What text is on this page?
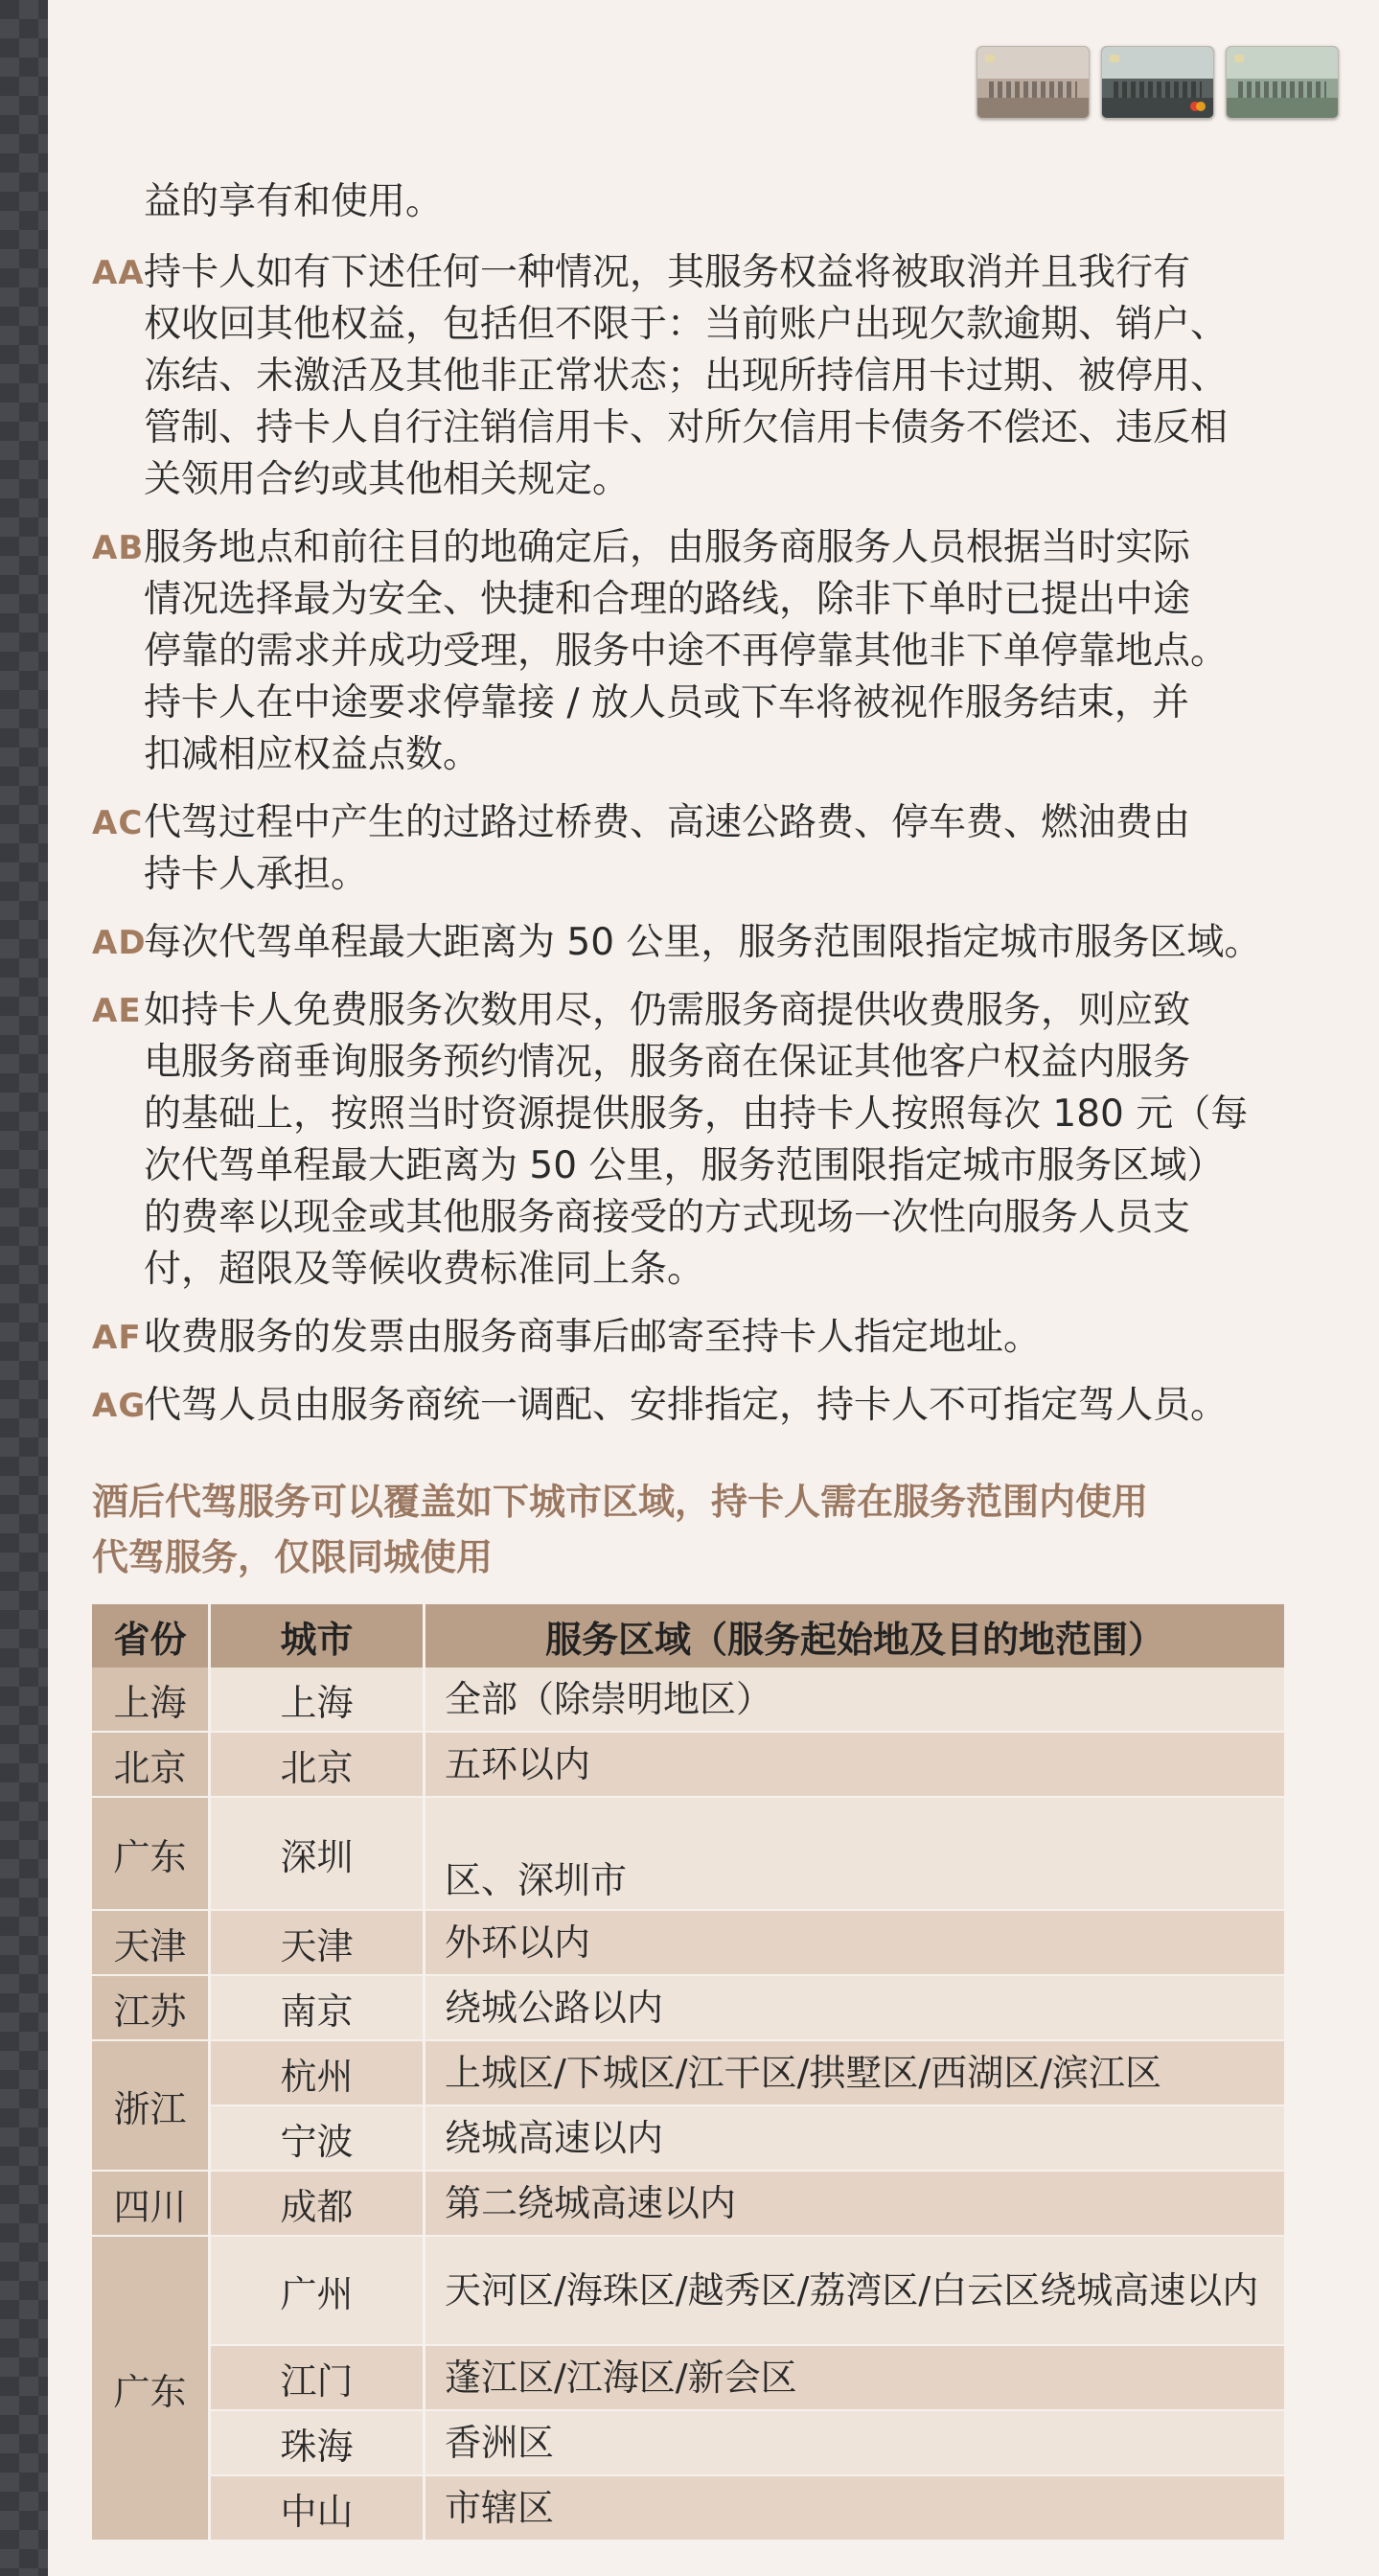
益的享有和使用。

AA 持卡人如有下述任何一种情况，其服务权益将被取消并且我行有
权收回其他权益，包括但不限于：当前账户出现欠款逾期、销户、
冻结、未激活及其他非正常状态；出现所持信用卡过期、被停用、
管制、持卡人自行注销信用卡、对所欠信用卡债务不偿还、违反相
关领用合约或其他相关规定。
AB 服务地点和前往目的地确定后，由服务商服务人员根据当时实际
情况选择最为安全、快捷和合理的路线，除非下单时已提出中途
停靠的需求并成功受理，服务中途不再停靠其他非下单停靠地点。
持卡人在中途要求停靠接 / 放人员或下车将被视作服务结束，并
扣减相应权益点数。
AC 代驾过程中产生的过路过桥费、高速公路费、停车费、燃油费由
持卡人承担。
AD
每次代驾单程最大距离为 50 公里，服务范围限指定城市服务区域。
AE 如持卡人免费服务次数用尽，仍需服务商提供收费服务，则应致
电服务商垂询服务预约情况，服务商在保证其他客户权益内服务
的基础上，按照当时资源提供服务，由持卡人按照每次 180 元（每
次代驾单程最大距离为 50 公里，服务范围限指定城市服务区域）
的费率以现金或其他服务商接受的方式现场一次性向服务人员支
付，超限及等候收费标准同上条。
AF 收费服务的发票由服务商事后邮寄至持卡人指定地址。
AG
代驾人员由服务商统一调配、安排指定，持卡人不可指定驾人员。
酒后代驾服务可以覆盖如下城市区域，持卡人需在服务范围内使用
代驾服务，仅限同城使用
省份	城市	服务区域（服务起始地及目的地范围）
上海	上海	全部（除崇明地区）
北京	北京	五环以内
广东	深圳	区、深圳市
天津	天津	外环以内
江苏	南京	绕城公路以内
浙江	杭州	上城区/下城区/江干区/拱墅区/西湖区/滨江区
	宁波	绕城高速以内
四川	成都	第二绕城高速以内
广东	广州	天河区/海珠区/越秀区/荔湾区/白云区绕城高速以内
	江门	蓬江区/江海区/新会区
	珠海	香洲区
	中山	市辖区
